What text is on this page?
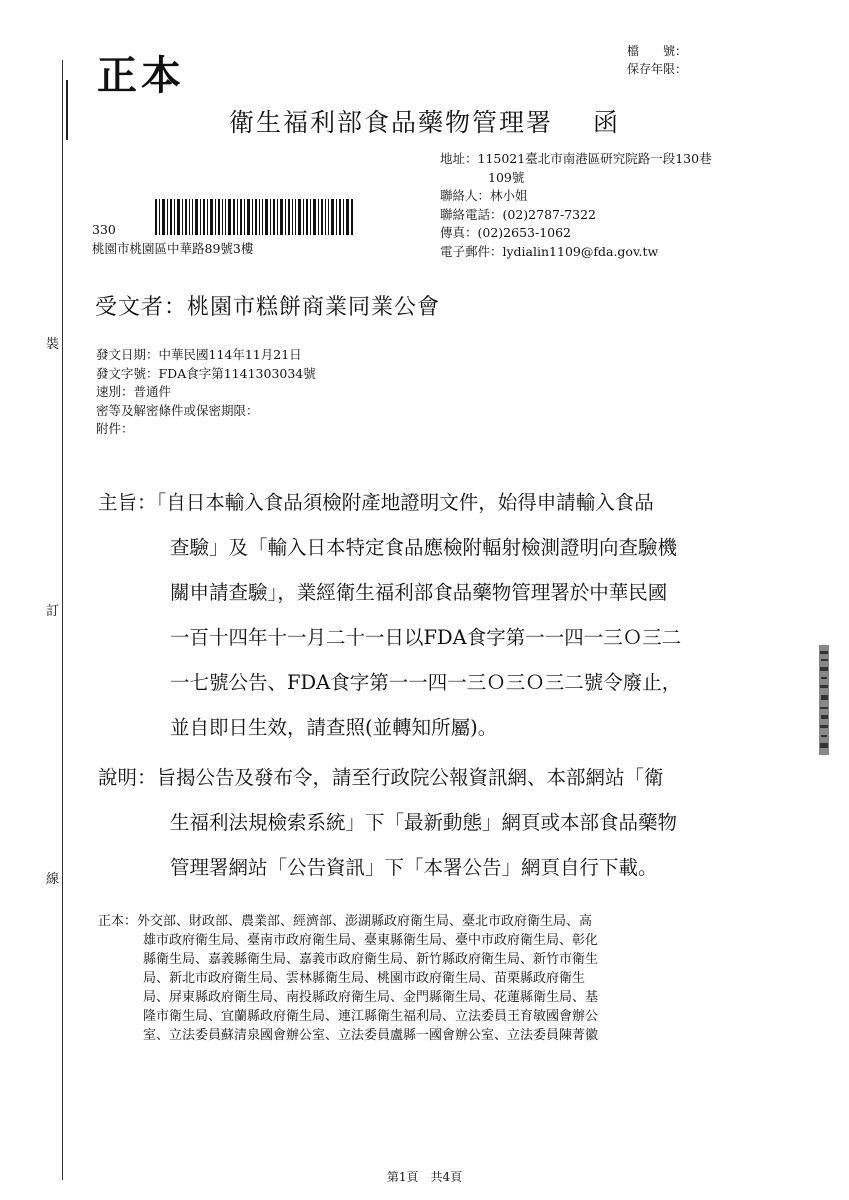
裝
訂
線
正本
檔　　號：
保存年限：
衛生福利部食品藥物管理署 函
地址：115021臺北市南港區研究院路一段130巷
109號
聯絡人：林小姐
聯絡電話：(02)2787-7322
傳真：(02)2653-1062
電子郵件：lydialin1109@fda.gov.tw
330
桃園市桃園區中華路89號3樓
受文者：桃園市糕餅商業同業公會
發文日期：中華民國114年11月21日
發文字號：FDA食字第1141303034號
速別：普通件
密等及解密條件或保密期限：
附件：
主旨：「自日本輸入食品須檢附產地證明文件，始得申請輸入食品
查驗」及「輸入日本特定食品應檢附輻射檢測證明向查驗機
關申請查驗」，業經衛生福利部食品藥物管理署於中華民國
一百十四年十一月二十一日以FDA食字第一一四一三Ｏ三二
一七號公告、FDA食字第一一四一三Ｏ三Ｏ三二號令廢止，
並自即日生效，請查照(並轉知所屬)。
說明：旨揭公告及發布令，請至行政院公報資訊網、本部網站「衛
生福利法規檢索系統」下「最新動態」網頁或本部食品藥物
管理署網站「公告資訊」下「本署公告」網頁自行下載。
正本：外交部、財政部、農業部、經濟部、澎湖縣政府衛生局、臺北市政府衛生局、高
雄市政府衛生局、臺南市政府衛生局、臺東縣衛生局、臺中市政府衛生局、彰化
縣衛生局、嘉義縣衛生局、嘉義市政府衛生局、新竹縣政府衛生局、新竹市衛生
局、新北市政府衛生局、雲林縣衛生局、桃園市政府衛生局、苗栗縣政府衛生
局、屏東縣政府衛生局、南投縣政府衛生局、金門縣衛生局、花蓮縣衛生局、基
隆市衛生局、宜蘭縣政府衛生局、連江縣衛生福利局、立法委員王育敏國會辦公
室、立法委員蘇清泉國會辦公室、立法委員盧縣一國會辦公室、立法委員陳菁徽
第1頁　共4頁
